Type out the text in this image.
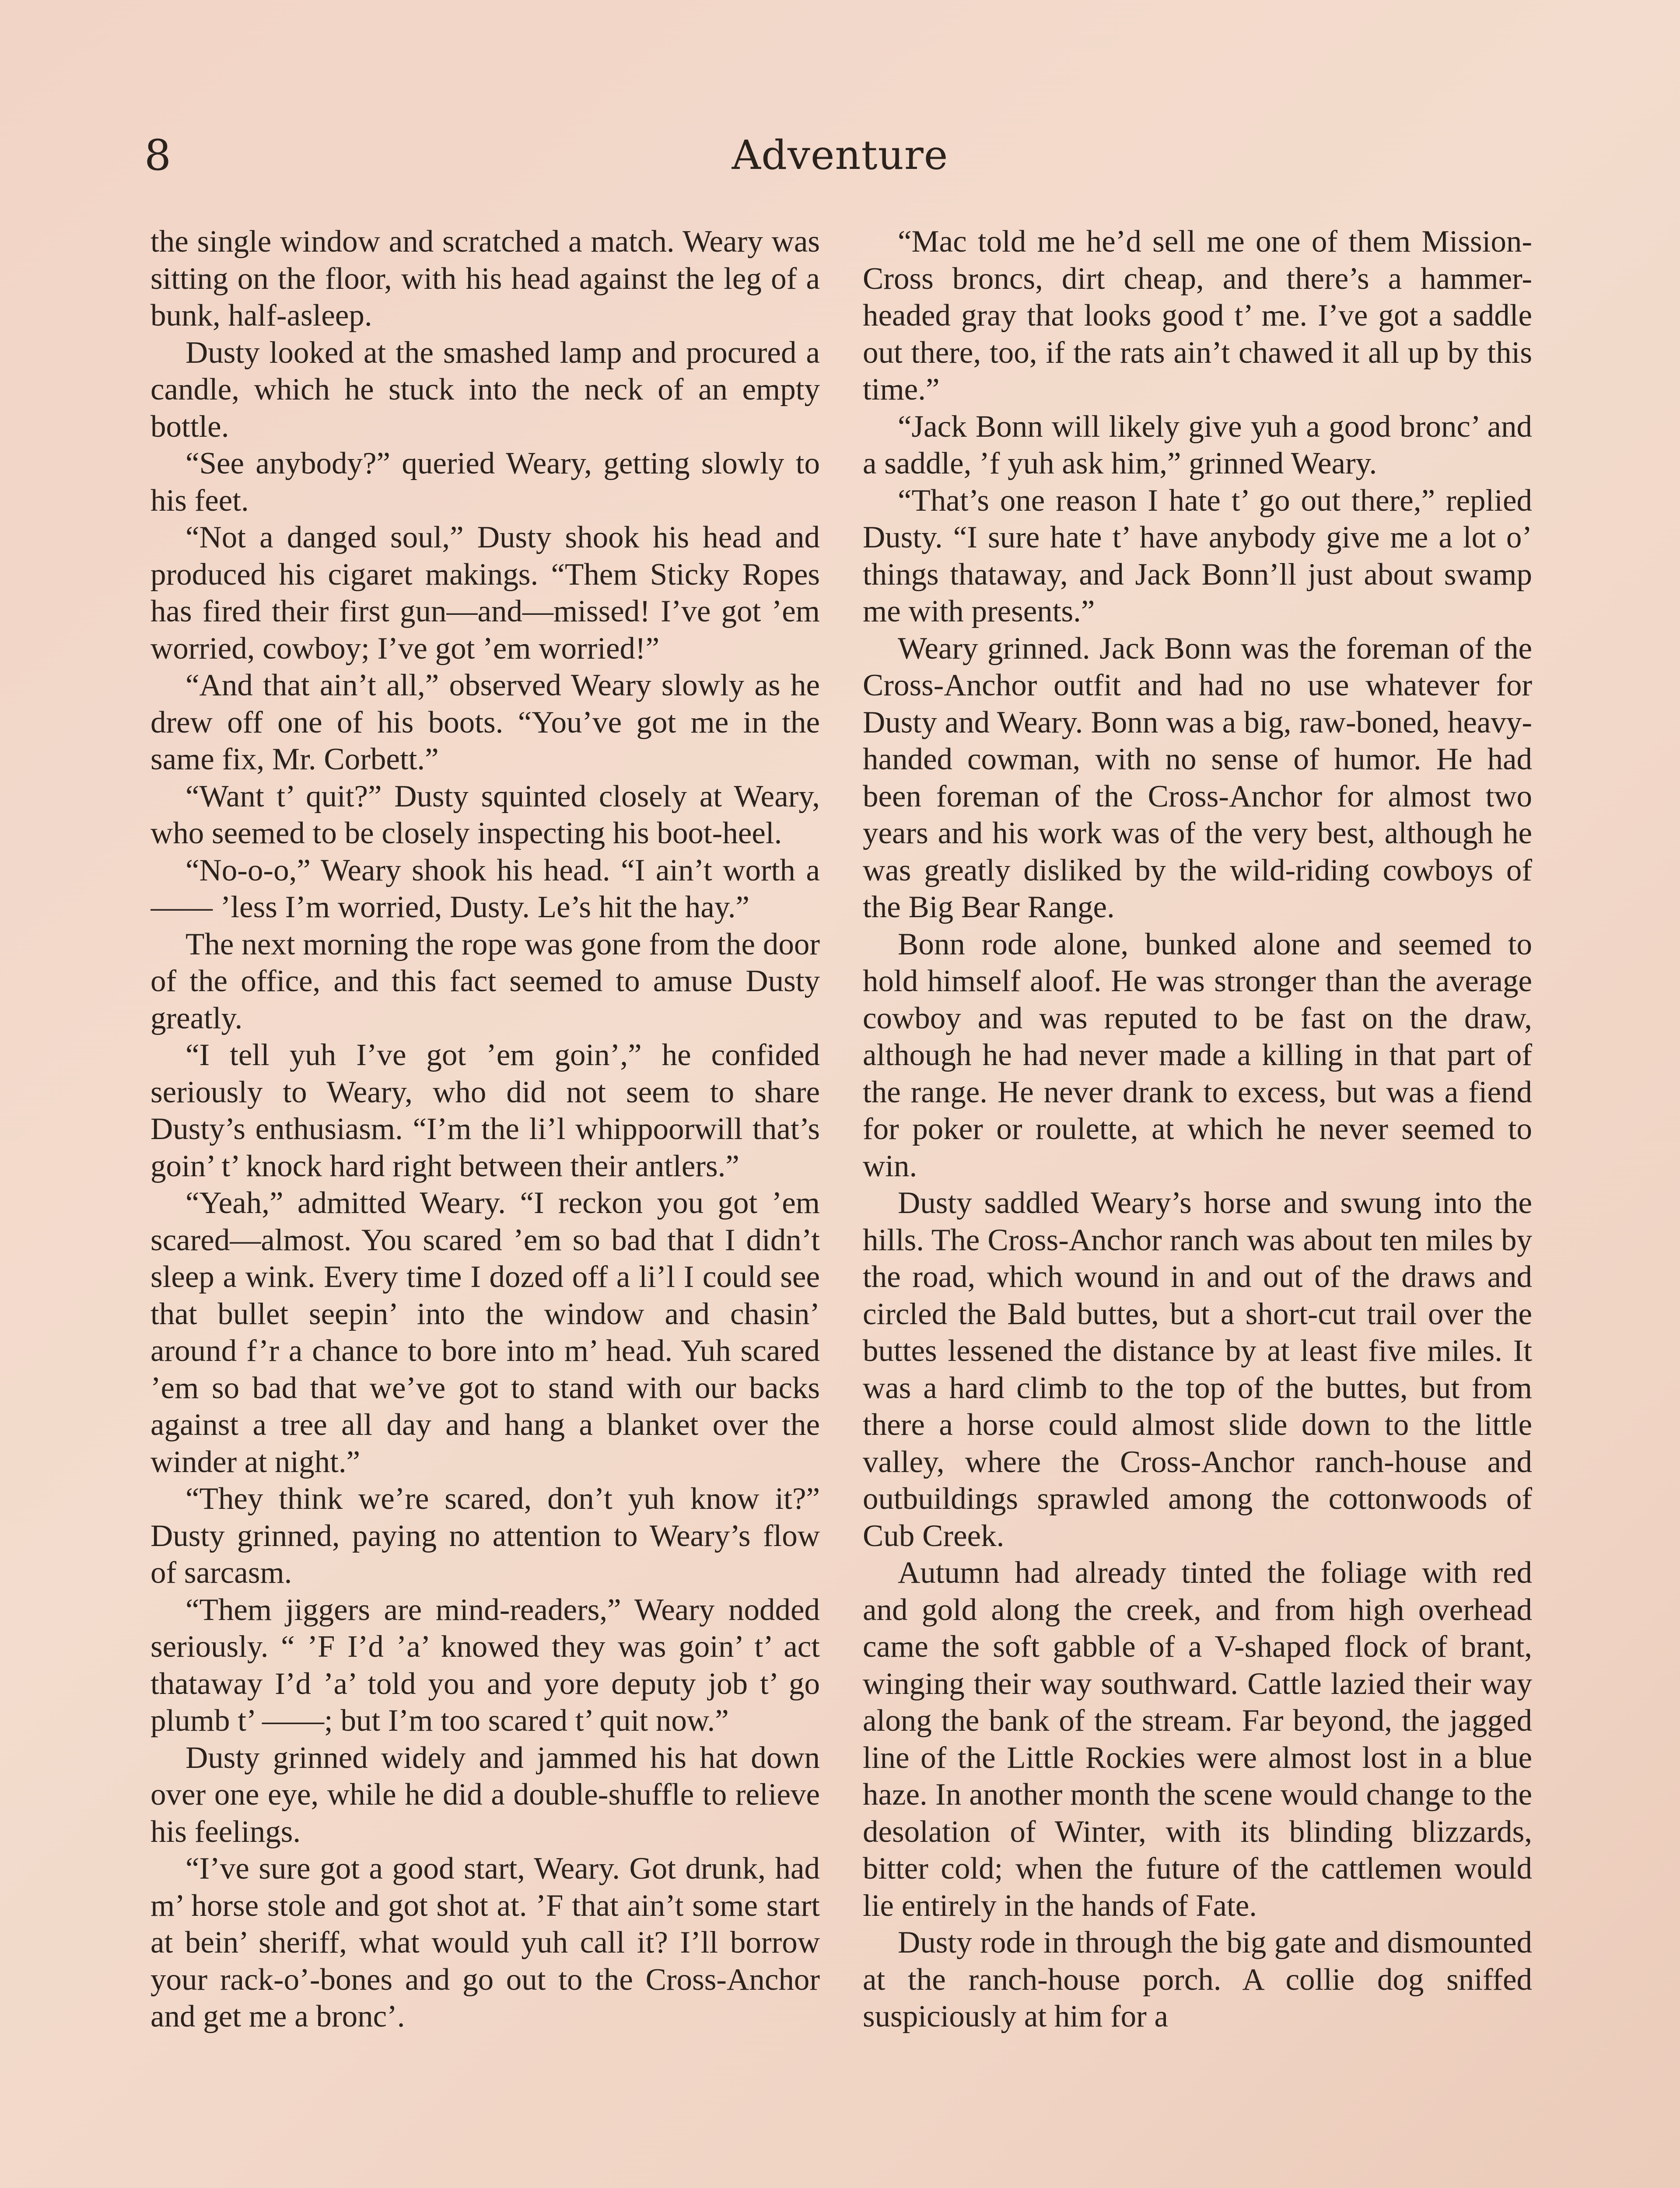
8	Adventure

the single window and scratched a match. Weary was sitting on the floor, with his head against the leg of a bunk, half-asleep.

Dusty looked at the smashed lamp and procured a candle, which he stuck into the neck of an empty bottle.

“See anybody?” queried Weary, getting slowly to his feet.

“Not a danged soul,” Dusty shook his head and produced his cigaret makings. “Them Sticky Ropes has fired their first gun—and—missed! I’ve got ’em worried, cowboy; I’ve got ’em worried!”

“And that ain’t all,” observed Weary slowly as he drew off one of his boots. “You’ve got me in the same fix, Mr. Corbett.”

“Want t’ quit?” Dusty squinted closely at Weary, who seemed to be closely inspecting his boot-heel.

“No-o-o,” Weary shook his head. “I ain’t worth a —— ’less I’m worried, Dusty. Le’s hit the hay.”

The next morning the rope was gone from the door of the office, and this fact seemed to amuse Dusty greatly.

“I tell yuh I’ve got ’em goin’,” he confided seriously to Weary, who did not seem to share Dusty’s enthusiasm. “I’m the li’l whippoorwill that’s goin’ t’ knock hard right between their antlers.”

“Yeah,” admitted Weary. “I reckon you got ’em scared—almost. You scared ’em so bad that I didn’t sleep a wink. Every time I dozed off a li’l I could see that bullet seepin’ into the window and chasin’ around f’r a chance to bore into m’ head. Yuh scared ’em so bad that we’ve got to stand with our backs against a tree all day and hang a blanket over the winder at night.”

“They think we’re scared, don’t yuh know it?” Dusty grinned, paying no attention to Weary’s flow of sarcasm.

“Them jiggers are mind-readers,” Weary nodded seriously. “ ’F I’d ’a’ knowed they was goin’ t’ act thataway I’d ’a’ told you and yore deputy job t’ go plumb t’ ——; but I’m too scared t’ quit now.”

Dusty grinned widely and jammed his hat down over one eye, while he did a double-shuffle to relieve his feelings.

“I’ve sure got a good start, Weary. Got drunk, had m’ horse stole and got shot at. ’F that ain’t some start at bein’ sheriff, what would yuh call it? I’ll borrow your rack-o’-bones and go out to the Cross-Anchor and get me a bronc’.

“Mac told me he’d sell me one of them Mission-Cross broncs, dirt cheap, and there’s a hammer-headed gray that looks good t’ me. I’ve got a saddle out there, too, if the rats ain’t chawed it all up by this time.”

“Jack Bonn will likely give yuh a good bronc’ and a saddle, ’f yuh ask him,” grinned Weary.

“That’s one reason I hate t’ go out there,” replied Dusty. “I sure hate t’ have anybody give me a lot o’ things thataway, and Jack Bonn’ll just about swamp me with presents.”

Weary grinned. Jack Bonn was the foreman of the Cross-Anchor outfit and had no use whatever for Dusty and Weary. Bonn was a big, raw-boned, heavy-handed cowman, with no sense of humor. He had been foreman of the Cross-Anchor for almost two years and his work was of the very best, although he was greatly disliked by the wild-riding cowboys of the Big Bear Range.

Bonn rode alone, bunked alone and seemed to hold himself aloof. He was stronger than the average cowboy and was reputed to be fast on the draw, although he had never made a killing in that part of the range. He never drank to excess, but was a fiend for poker or roulette, at which he never seemed to win.

Dusty saddled Weary’s horse and swung into the hills. The Cross-Anchor ranch was about ten miles by the road, which wound in and out of the draws and circled the Bald buttes, but a short-cut trail over the buttes lessened the distance by at least five miles. It was a hard climb to the top of the buttes, but from there a horse could almost slide down to the little valley, where the Cross-Anchor ranch-house and outbuildings sprawled among the cottonwoods of Cub Creek.

Autumn had already tinted the foliage with red and gold along the creek, and from high overhead came the soft gabble of a V-shaped flock of brant, winging their way southward. Cattle lazied their way along the bank of the stream. Far beyond, the jagged line of the Little Rockies were almost lost in a blue haze. In another month the scene would change to the desolation of Winter, with its blinding blizzards, bitter cold; when the future of the cattlemen would lie entirely in the hands of Fate.

Dusty rode in through the big gate and dismounted at the ranch-house porch. A collie dog sniffed suspiciously at him for a
